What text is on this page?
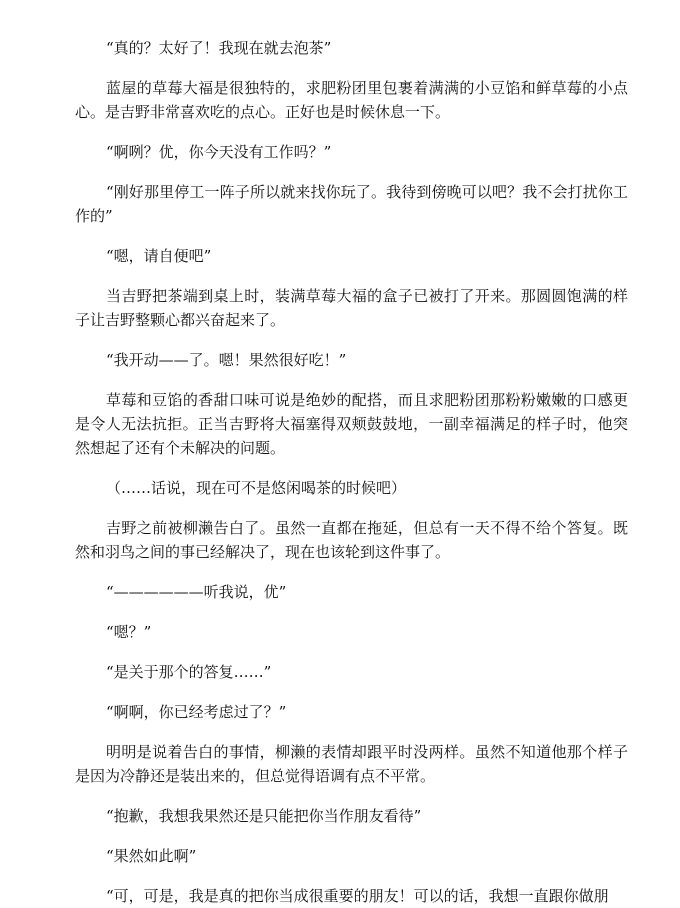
“真的？太好了！我现在就去泡茶”

蓝屋的草莓大福是很独特的，求肥粉团里包裹着满满的小豆馅和鲜草莓的小点心。是吉野非常喜欢吃的点心。正好也是时候休息一下。

“啊咧？优，你今天没有工作吗？”

“刚好那里停工一阵子所以就来找你玩了。我待到傍晚可以吧？我不会打扰你工作的”

“嗯，请自便吧”

当吉野把茶端到桌上时，装满草莓大福的盒子已被打了开来。那圆圆饱满的样子让吉野整颗心都兴奋起来了。

“我开动——了。嗯！果然很好吃！”

草莓和豆馅的香甜口味可说是绝妙的配搭，而且求肥粉团那粉粉嫩嫩的口感更是令人无法抗拒。正当吉野将大福塞得双颊鼓鼓地，一副幸福满足的样子时，他突然想起了还有个未解决的问题。

（……话说，现在可不是悠闲喝茶的时候吧）

吉野之前被柳濑告白了。虽然一直都在拖延，但总有一天不得不给个答复。既然和羽鸟之间的事已经解决了，现在也该轮到这件事了。

“——————听我说，优”

“嗯？”

“是关于那个的答复……”

“啊啊，你已经考虑过了？”

明明是说着告白的事情，柳濑的表情却跟平时没两样。虽然不知道他那个样子是因为冷静还是装出来的，但总觉得语调有点不平常。

“抱歉，我想我果然还是只能把你当作朋友看待”

“果然如此啊”

“可，可是，我是真的把你当成很重要的朋友！可以的话，我想一直跟你做朋
